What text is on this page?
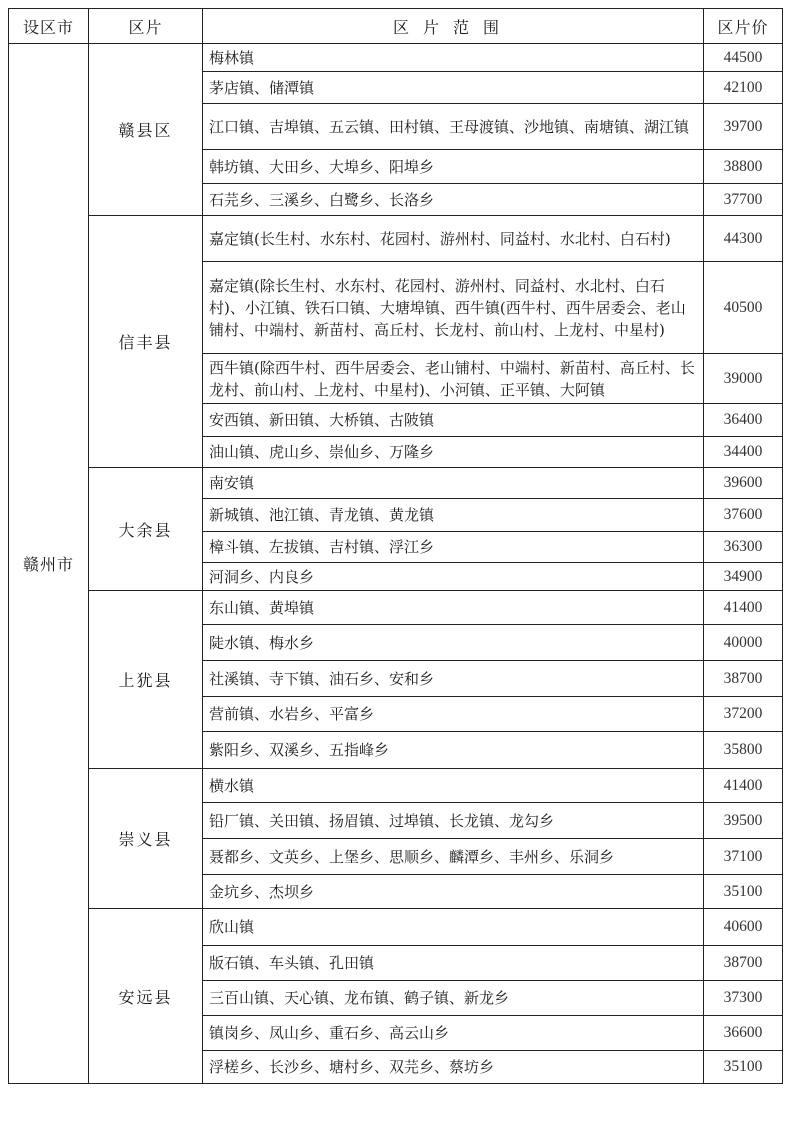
设区市	区片	区片范围	区片价
赣州市	赣县区	梅林镇	44500
		茅店镇、储潭镇	42100
		江口镇、吉埠镇、五云镇、田村镇、王母渡镇、沙地镇、南塘镇、湖江镇	39700
		韩坊镇、大田乡、大埠乡、阳埠乡	38800
		石芫乡、三溪乡、白鹭乡、长洛乡	37700
	信丰县	嘉定镇(长生村、水东村、花园村、游州村、同益村、水北村、白石村)	44300
		嘉定镇(除长生村、水东村、花园村、游州村、同益村、水北村、白石村)、小江镇、铁石口镇、大塘埠镇、西牛镇(西牛村、西牛居委会、老山铺村、中端村、新苗村、高丘村、长龙村、前山村、上龙村、中星村)	40500
		西牛镇(除西牛村、西牛居委会、老山铺村、中端村、新苗村、高丘村、长龙村、前山村、上龙村、中星村)、小河镇、正平镇、大阿镇	39000
		安西镇、新田镇、大桥镇、古陂镇	36400
		油山镇、虎山乡、崇仙乡、万隆乡	34400
	大余县	南安镇	39600
		新城镇、池江镇、青龙镇、黄龙镇	37600
		樟斗镇、左拔镇、吉村镇、浮江乡	36300
		河洞乡、内良乡	34900
	上犹县	东山镇、黄埠镇	41400
		陡水镇、梅水乡	40000
		社溪镇、寺下镇、油石乡、安和乡	38700
		营前镇、水岩乡、平富乡	37200
		紫阳乡、双溪乡、五指峰乡	35800
	崇义县	横水镇	41400
		铅厂镇、关田镇、扬眉镇、过埠镇、长龙镇、龙勾乡	39500
		聂都乡、文英乡、上堡乡、思顺乡、麟潭乡、丰州乡、乐洞乡	37100
		金坑乡、杰坝乡	35100
	安远县	欣山镇	40600
		版石镇、车头镇、孔田镇	38700
		三百山镇、天心镇、龙布镇、鹤子镇、新龙乡	37300
		镇岗乡、凤山乡、重石乡、高云山乡	36600
		浮槎乡、长沙乡、塘村乡、双芫乡、蔡坊乡	35100
